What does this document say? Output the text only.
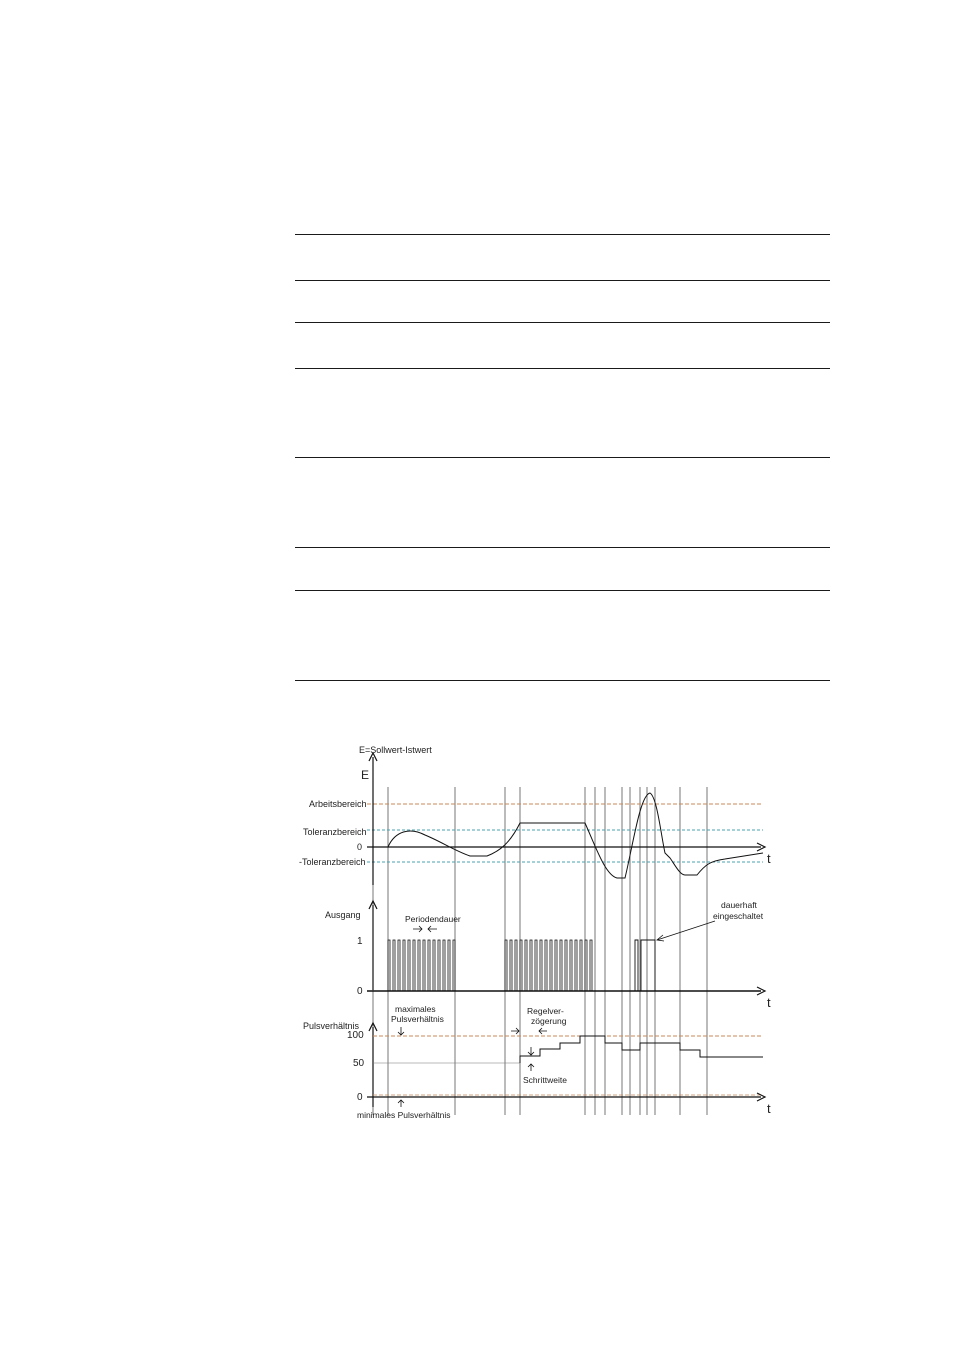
E=Sollwert-Istwert
E
Arbeitsbereich
Toleranzbereich
0
-Toleranzbereich	t
Ausgang
1
0
Periodendauer
dauerhaft
eingeschaltet
t
Pulsverhältnis
100
50
0
maximales
Pulsverhältnis
minimales Pulsverhältnis
Regelver-
zögerung
Schrittweite
t
